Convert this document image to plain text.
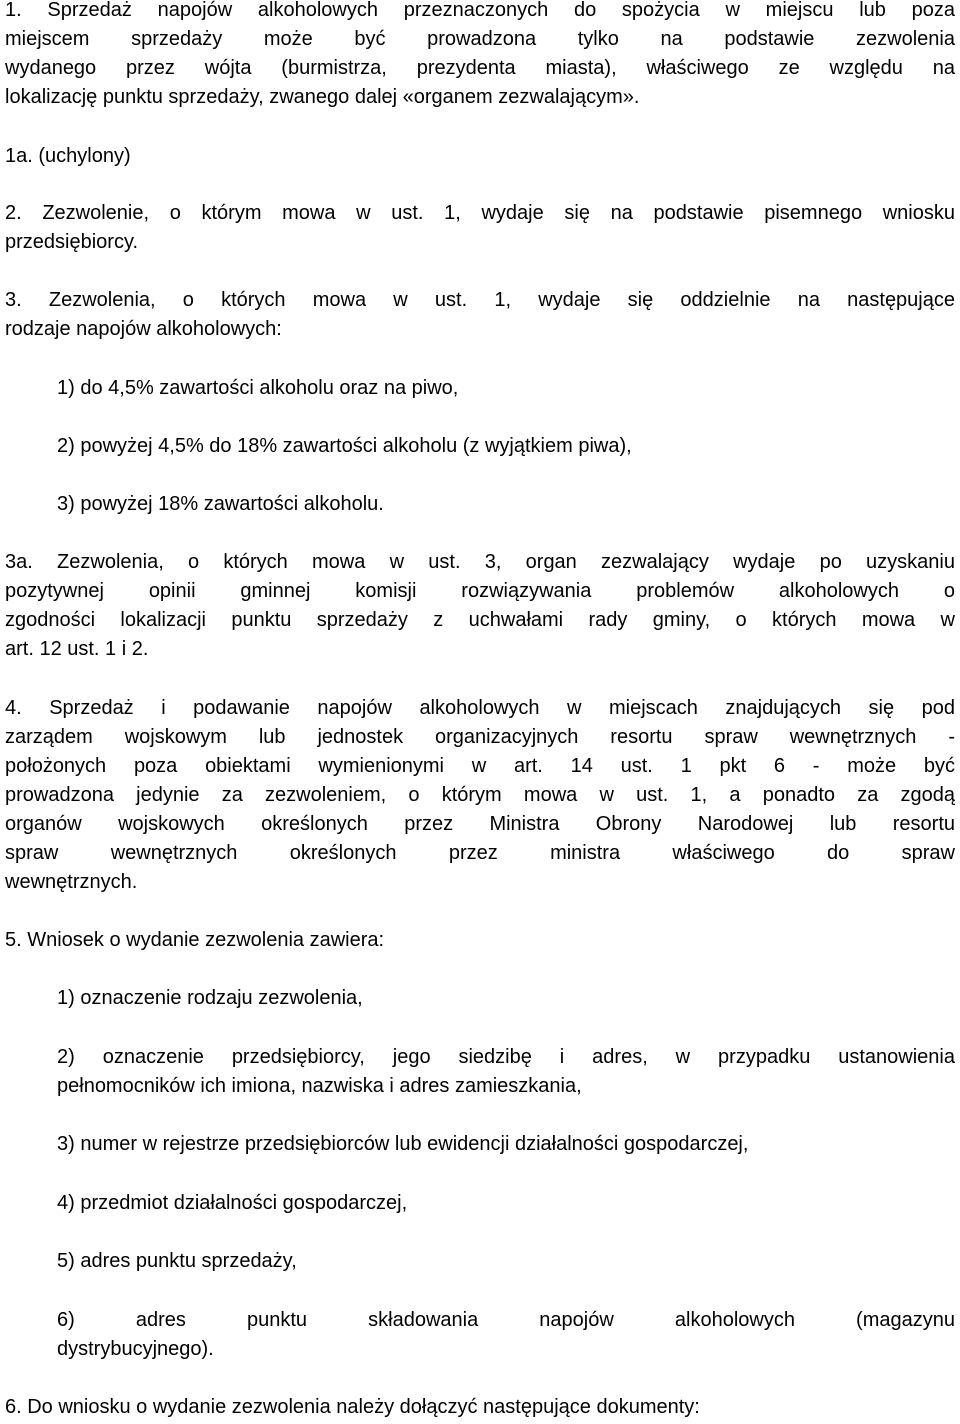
1. Sprzedaż napojów alkoholowych przeznaczonych do spożycia w miejscu lub poza
miejscem sprzedaży może być prowadzona tylko na podstawie zezwolenia
wydanego przez wójta (burmistrza, prezydenta miasta), właściwego ze względu na
lokalizację punktu sprzedaży, zwanego dalej «organem zezwalającym».
1a. (uchylony)
2. Zezwolenie, o którym mowa w ust. 1, wydaje się na podstawie pisemnego wniosku
przedsiębiorcy.
3. Zezwolenia, o których mowa w ust. 1, wydaje się oddzielnie na następujące
rodzaje napojów alkoholowych:
1) do 4,5% zawartości alkoholu oraz na piwo,
2) powyżej 4,5% do 18% zawartości alkoholu (z wyjątkiem piwa),
3) powyżej 18% zawartości alkoholu.
3a. Zezwolenia, o których mowa w ust. 3, organ zezwalający wydaje po uzyskaniu
pozytywnej opinii gminnej komisji rozwiązywania problemów alkoholowych o
zgodności lokalizacji punktu sprzedaży z uchwałami rady gminy, o których mowa w
art. 12 ust. 1 i 2.
4. Sprzedaż i podawanie napojów alkoholowych w miejscach znajdujących się pod
zarządem wojskowym lub jednostek organizacyjnych resortu spraw wewnętrznych -
położonych poza obiektami wymienionymi w art. 14 ust. 1 pkt 6 - może być
prowadzona jedynie za zezwoleniem, o którym mowa w ust. 1, a ponadto za zgodą
organów wojskowych określonych przez Ministra Obrony Narodowej lub resortu
spraw wewnętrznych określonych przez ministra właściwego do spraw
wewnętrznych.
5. Wniosek o wydanie zezwolenia zawiera:
1) oznaczenie rodzaju zezwolenia,
2) oznaczenie przedsiębiorcy, jego siedzibę i adres, w przypadku ustanowienia
pełnomocników ich imiona, nazwiska i adres zamieszkania,
3) numer w rejestrze przedsiębiorców lub ewidencji działalności gospodarczej,
4) przedmiot działalności gospodarczej,
5) adres punktu sprzedaży,
6) adres punktu składowania napojów alkoholowych (magazynu
dystrybucyjnego).
6. Do wniosku o wydanie zezwolenia należy dołączyć następujące dokumenty:
